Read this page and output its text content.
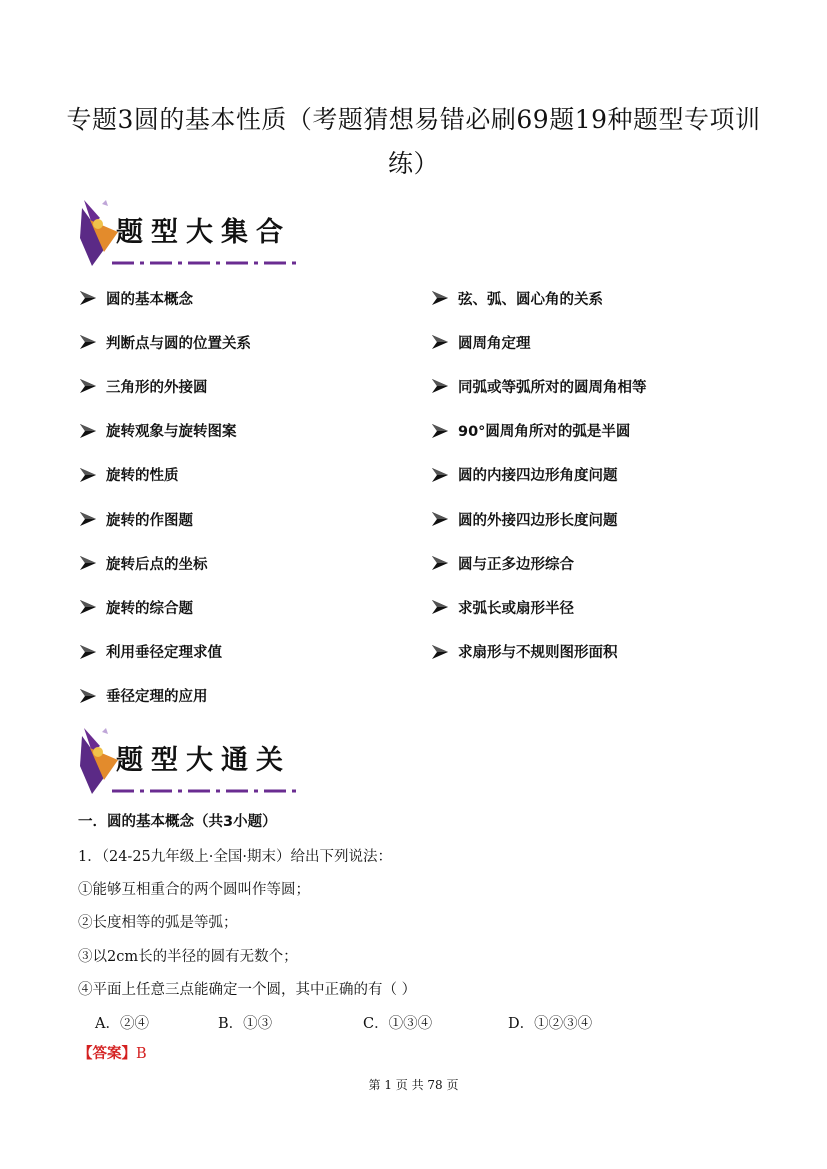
专题3圆的基本性质（考题猜想易错必刷69题19种题型专项训练）
题型大集合
圆的基本概念
判断点与圆的位置关系
三角形的外接圆
旋转观象与旋转图案
旋转的性质
旋转的作图题
旋转后点的坐标
旋转的综合题
利用垂径定理求值
垂径定理的应用
弦、弧、圆心角的关系
圆周角定理
同弧或等弧所对的圆周角相等
90°圆周角所对的弧是半圆
圆的内接四边形角度问题
圆的外接四边形长度问题
圆与正多边形综合
求弧长或扇形半径
求扇形与不规则图形面积
题型大通关
一．圆的基本概念（共3小题）
1．（24-25九年级上·全国·期末）给出下列说法：
①能够互相重合的两个圆叫作等圆；
②长度相等的弧是等弧；
③以2cm长的半径的圆有无数个；
④平面上任意三点能确定一个圆，其中正确的有（ ）
A．②④	B．①③	C．①③④	D．①②③④
【答案】B
第 1 页 共 78 页
